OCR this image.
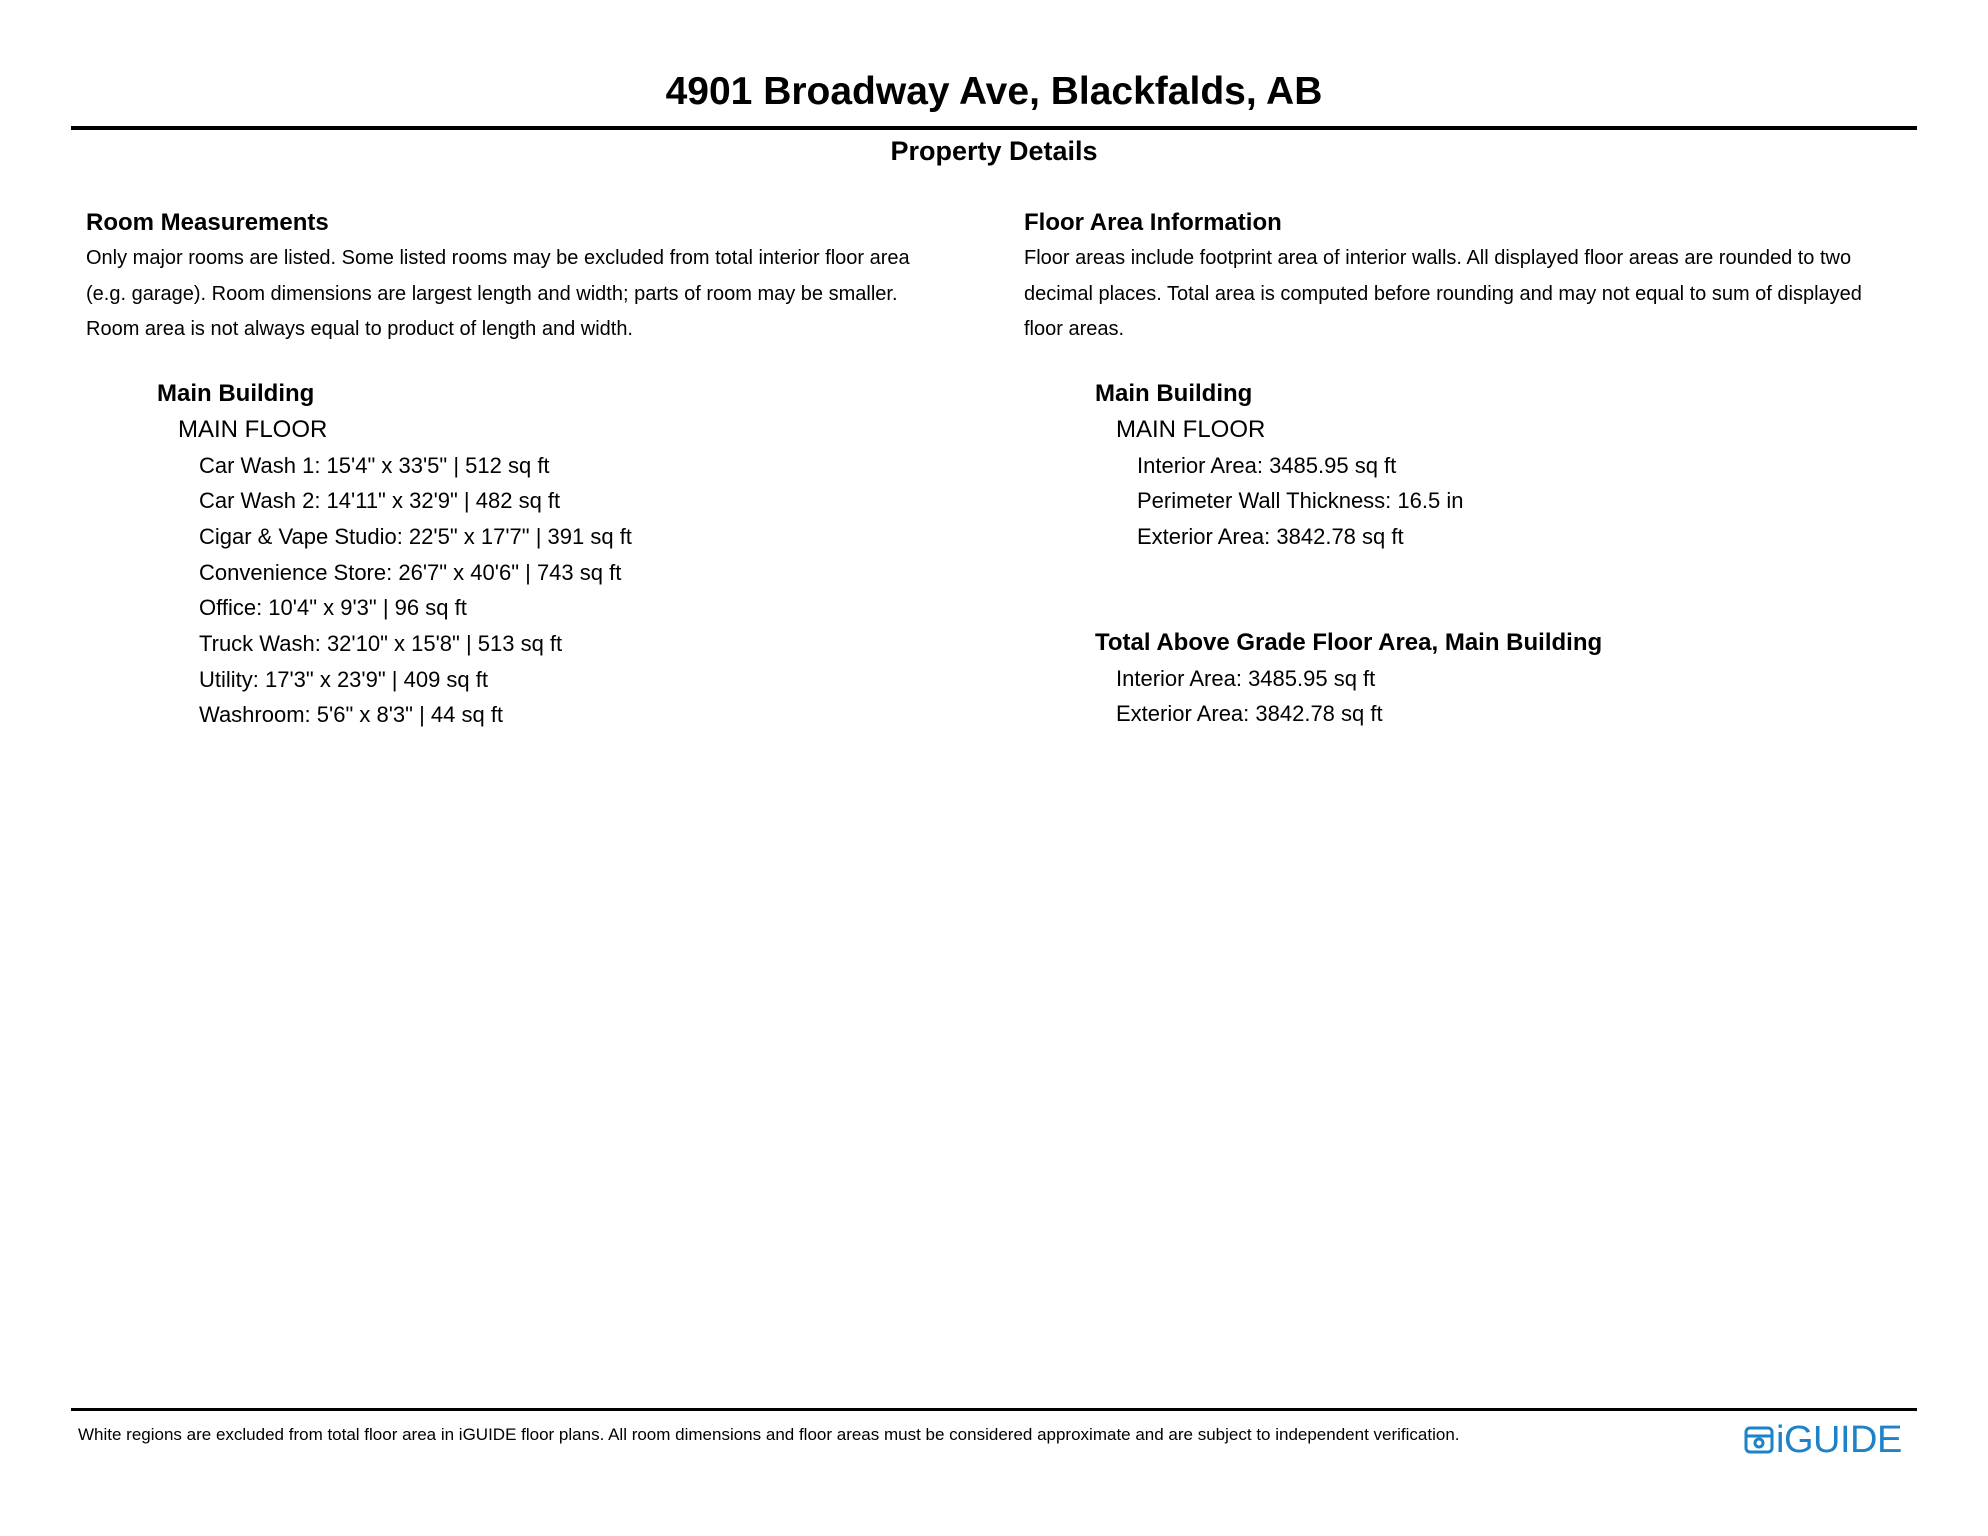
4901 Broadway Ave, Blackfalds, AB
Property Details

Room Measurements

Only major rooms are listed. Some listed rooms may be excluded from total interior floor area

(e.g. garage). Room dimensions are largest length and width; parts of room may be smaller.

Room area is not always equal to product of length and width.

Main Building
MAIN FLOOR
Car Wash 1: 15'4" x 33'5" | 512 sq ft
Car Wash 2: 14'11" x 32'9" | 482 sq ft
Cigar & Vape Studio: 22'5" x 17'7" | 391 sq ft
Convenience Store: 26'7" x 40'6" | 743 sq ft
Office: 10'4" x 9'3" | 96 sq ft
Truck Wash: 32'10" x 15'8" | 513 sq ft
Utility: 17'3" x 23'9" | 409 sq ft
Washroom: 5'6" x 8'3" | 44 sq ft

Floor Area Information

Floor areas include footprint area of interior walls. All displayed floor areas are rounded to two

decimal places. Total area is computed before rounding and may not equal to sum of displayed

floor areas.

Main Building
MAIN FLOOR
Interior Area: 3485.95 sq ft
Perimeter Wall Thickness: 16.5 in
Exterior Area: 3842.78 sq ft
Total Above Grade Floor Area, Main Building
Interior Area: 3485.95 sq ft
Exterior Area: 3842.78 sq ft
White regions are excluded from total floor area in iGUIDE floor plans. All room dimensions and floor areas must be considered approximate and are subject to independent verification.	iGUIDE
